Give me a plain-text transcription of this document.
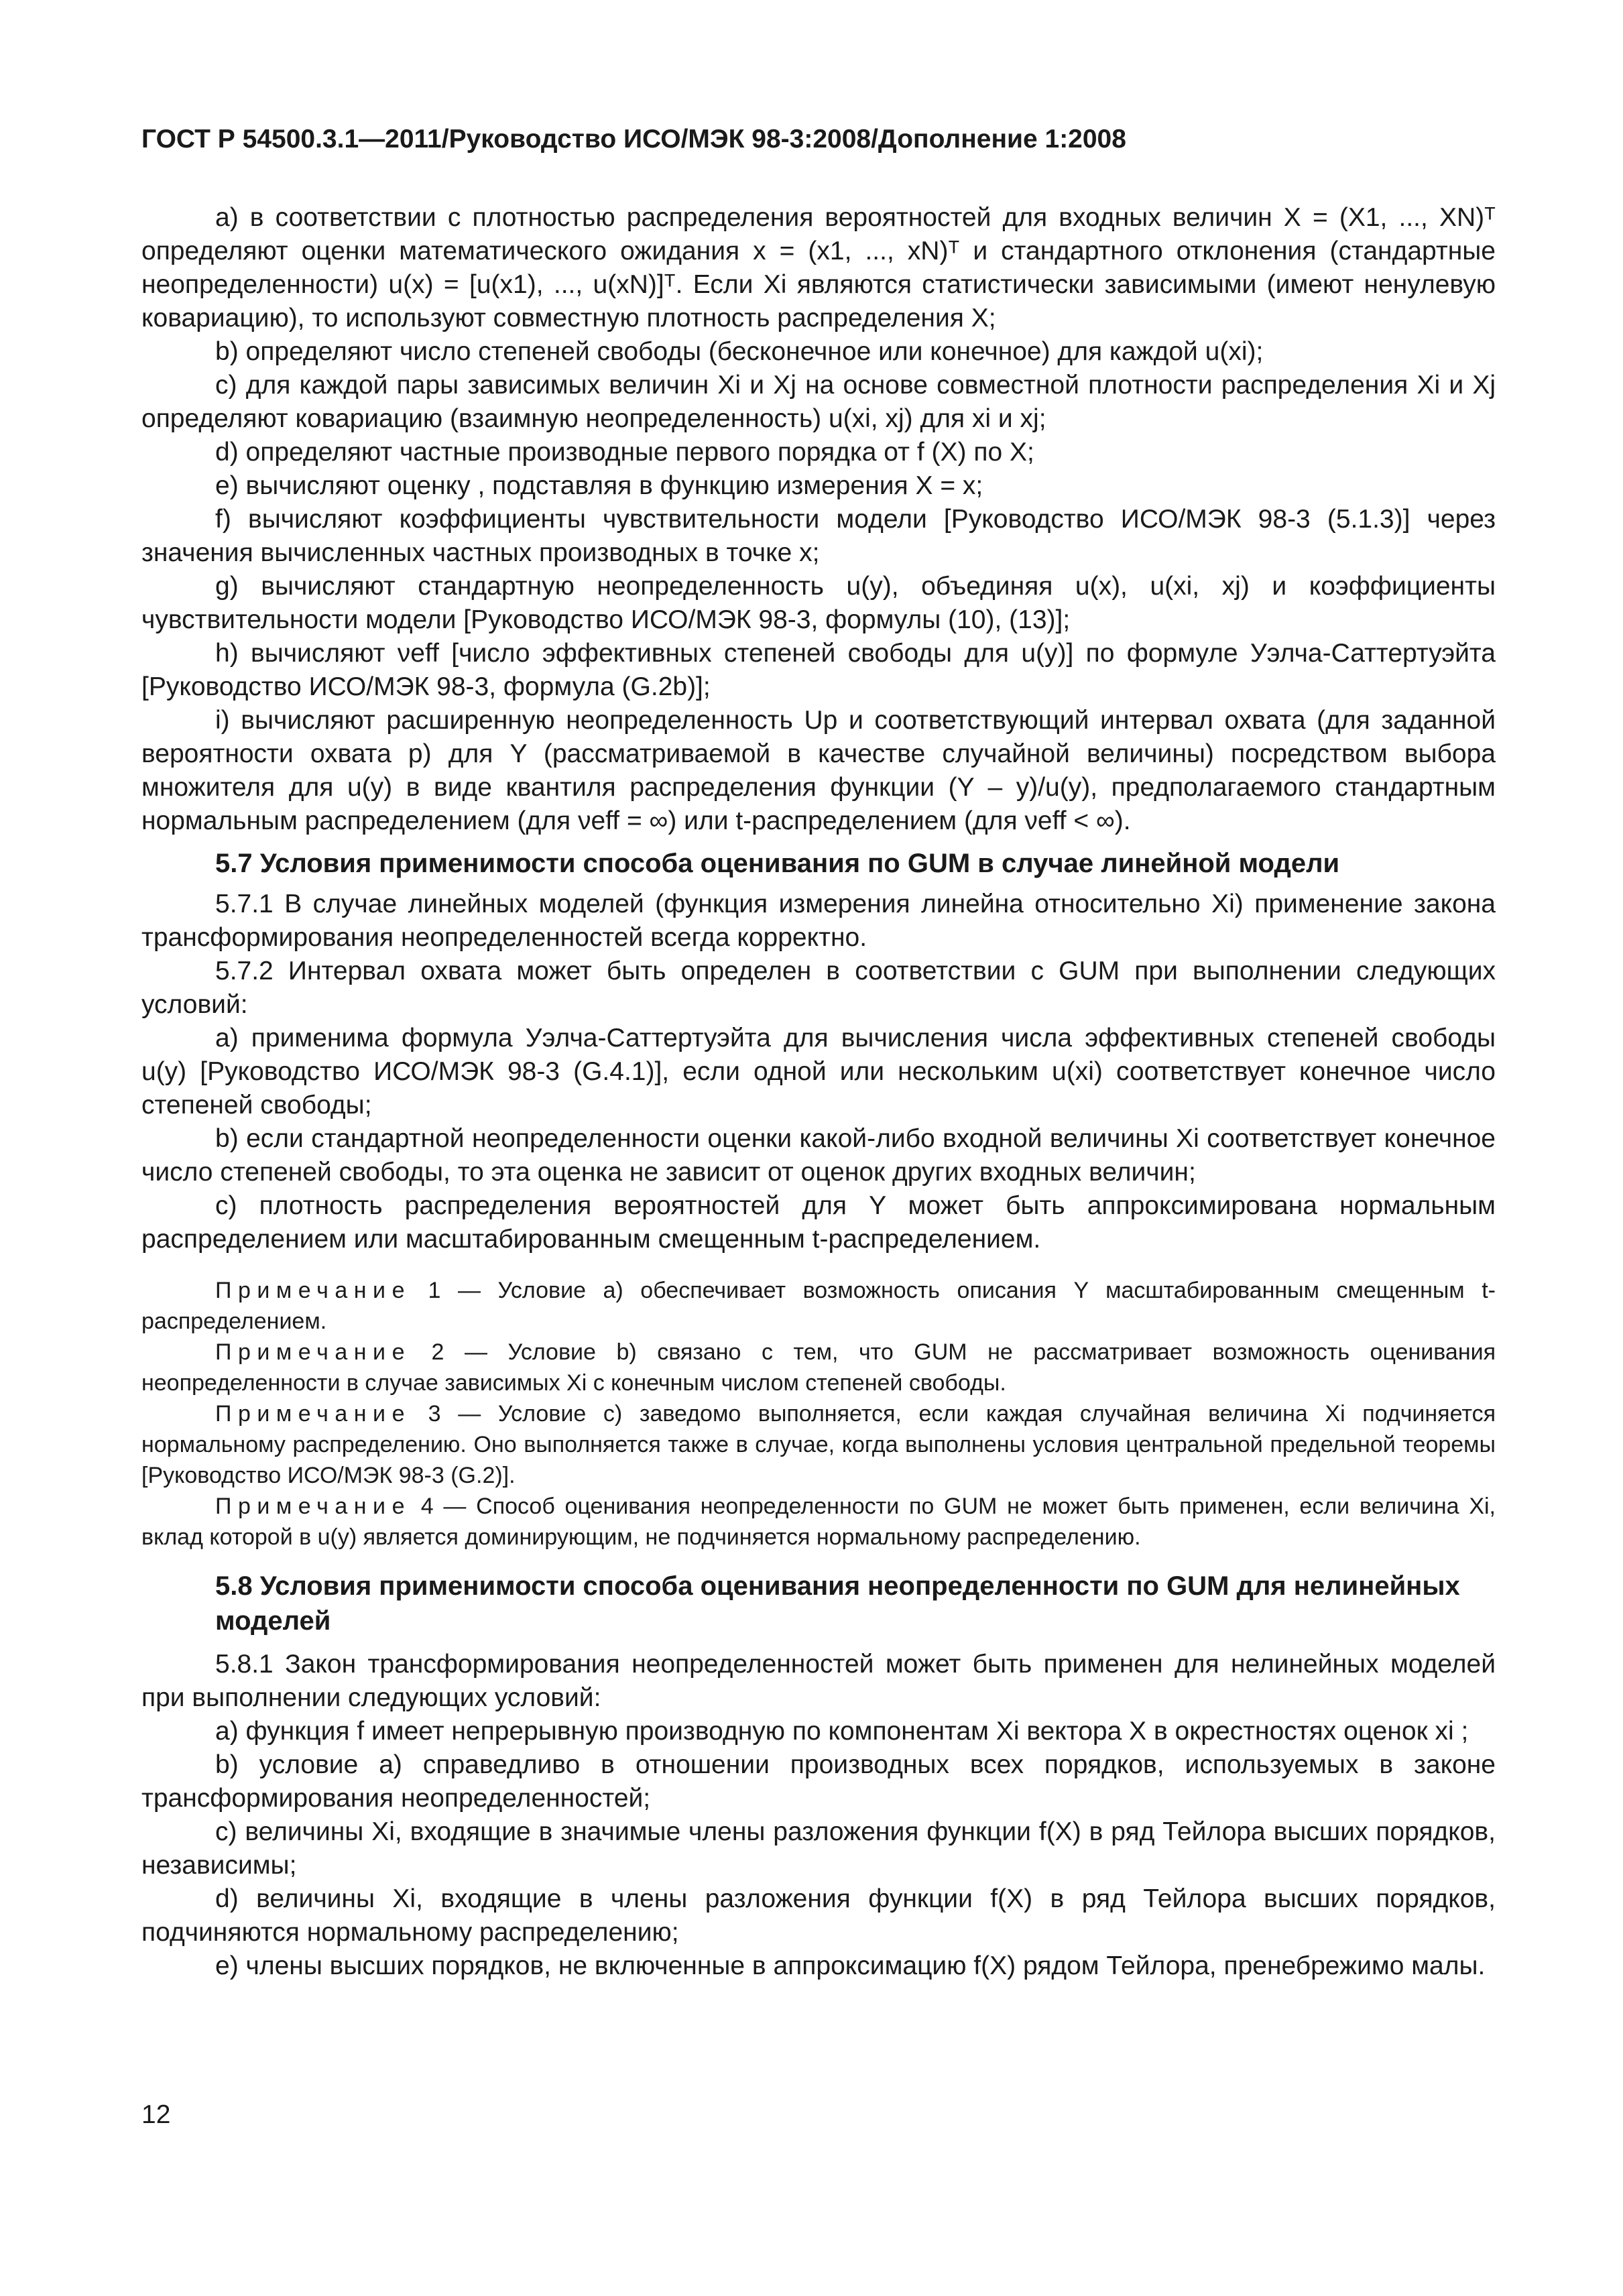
ГОСТ Р 54500.3.1—2011/Руководство ИСО/МЭК 98-3:2008/Дополнение 1:2008

а) в соответствии с плотностью распределения вероятностей для входных величин X = (X1, ..., XN)ᵀ определяют оценки математического ожидания x = (x1, ..., xN)ᵀ и стандартного отклонения (стандартные неопределенности) u(x) = [u(x1), ..., u(xN)]ᵀ. Если Xi являются статистически зависимыми (имеют ненулевую ковариацию), то используют совместную плотность распределения X;

b) определяют число степеней свободы (бесконечное или конечное) для каждой u(xi);

с) для каждой пары зависимых величин Xi и Xj на основе совместной плотности распределения Xi и Xj определяют ковариацию (взаимную неопределенность) u(xi, xj) для xi и xj;

d) определяют частные производные первого порядка от f (X) по X;

е) вычисляют оценку , подставляя в функцию измерения X = x;

f) вычисляют коэффициенты чувствительности модели [Руководство ИСО/МЭК 98-3 (5.1.3)] через значения вычисленных частных производных в точке x;

g) вычисляют стандартную неопределенность u(y), объединяя u(x), u(xi, xj) и коэффициенты чувствительности модели [Руководство ИСО/МЭК 98-3, формулы (10), (13)];

h) вычисляют νeff [число эффективных степеней свободы для u(y)] по формуле Уэлча-Саттертуэйта [Руководство ИСО/МЭК 98-3, формула (G.2b)];

i) вычисляют расширенную неопределенность Up и соответствующий интервал охвата (для заданной вероятности охвата p) для Y (рассматриваемой в качестве случайной величины) посредством выбора множителя для u(y) в виде квантиля распределения функции (Y – y)/u(y), предполагаемого стандартным нормальным распределением (для νeff = ∞) или t-распределением (для νeff < ∞).

5.7 Условия применимости способа оценивания по GUM в случае линейной модели

5.7.1 В случае линейных моделей (функция измерения линейна относительно Xi) применение закона трансформирования неопределенностей всегда корректно.

5.7.2 Интервал охвата может быть определен в соответствии с GUM при выполнении следующих условий:

а) применима формула Уэлча-Саттертуэйта для вычисления числа эффективных степеней свободы u(y) [Руководство ИСО/МЭК 98-3 (G.4.1)], если одной или нескольким u(xi) соответствует конечное число степеней свободы;

b) если стандартной неопределенности оценки какой-либо входной величины Xi соответствует конечное число степеней свободы, то эта оценка не зависит от оценок других входных величин;

с) плотность распределения вероятностей для Y может быть аппроксимирована нормальным распределением или масштабированным смещенным t-распределением.

Примечание 1 — Условие а) обеспечивает возможность описания Y масштабированным смещенным t-распределением.

Примечание 2 — Условие b) связано с тем, что GUM не рассматривает возможность оценивания неопределенности в случае зависимых Xi с конечным числом степеней свободы.

Примечание 3 — Условие с) заведомо выполняется, если каждая случайная величина Xi подчиняется нормальному распределению. Оно выполняется также в случае, когда выполнены условия центральной предельной теоремы [Руководство ИСО/МЭК 98-3 (G.2)].

Примечание 4 — Способ оценивания неопределенности по GUM не может быть применен, если величина Xi, вклад которой в u(y) является доминирующим, не подчиняется нормальному распределению.

5.8 Условия применимости способа оценивания неопределенности по GUM для нелинейных моделей

5.8.1 Закон трансформирования неопределенностей может быть применен для нелинейных моделей при выполнении следующих условий:

а) функция f имеет непрерывную производную по компонентам Xi вектора X в окрестностях оценок xi ;

b) условие а) справедливо в отношении производных всех порядков, используемых в законе трансформирования неопределенностей;

с) величины Xi, входящие в значимые члены разложения функции f(X) в ряд Тейлора высших порядков, независимы;

d) величины Xi, входящие в члены разложения функции f(X) в ряд Тейлора высших порядков, подчиняются нормальному распределению;

е) члены высших порядков, не включенные в аппроксимацию f(X) рядом Тейлора, пренебрежимо малы.

12
